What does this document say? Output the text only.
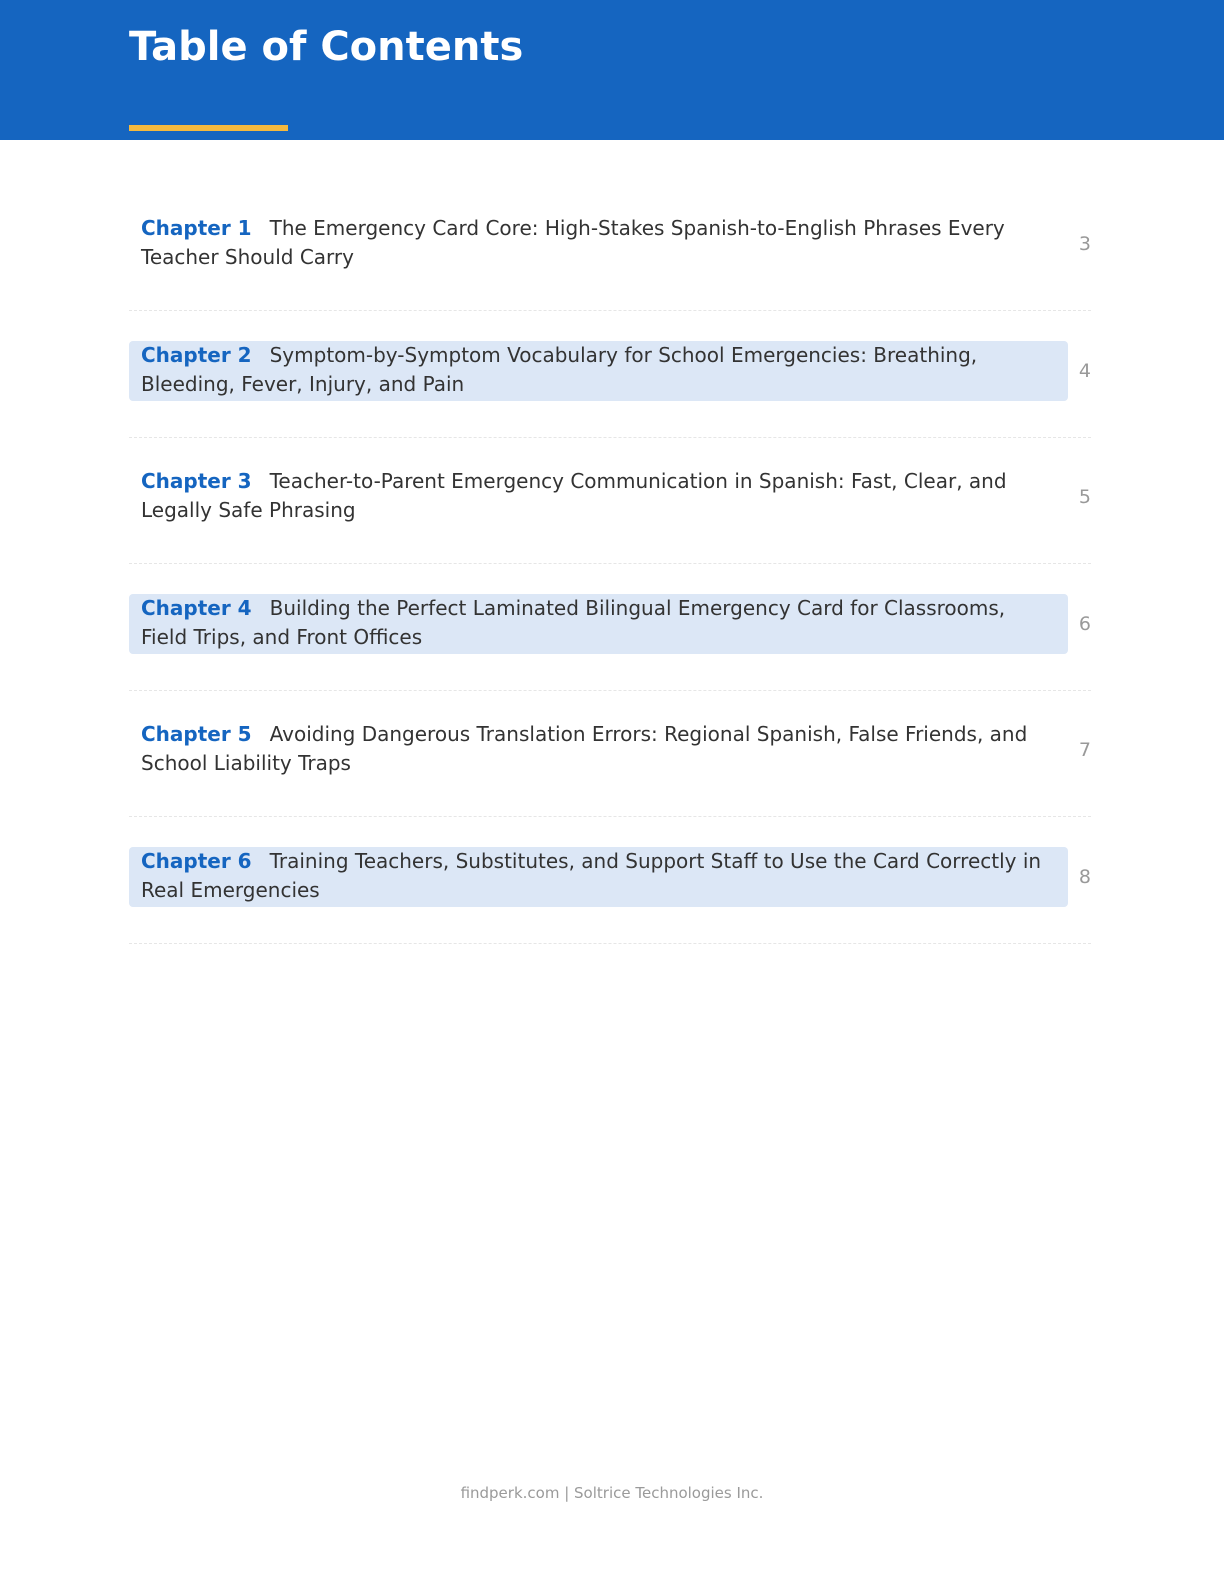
Table of Contents
Chapter 1 The Emergency Card Core: High-Stakes Spanish-to-English Phrases Every Teacher Should Carry
3
Chapter 2 Symptom-by-Symptom Vocabulary for School Emergencies: Breathing, Bleeding, Fever, Injury, and Pain
4
Chapter 3 Teacher-to-Parent Emergency Communication in Spanish: Fast, Clear, and Legally Safe Phrasing
5
Chapter 4 Building the Perfect Laminated Bilingual Emergency Card for Classrooms, Field Trips, and Front Offices
6
Chapter 5 Avoiding Dangerous Translation Errors: Regional Spanish, False Friends, and School Liability Traps
7
Chapter 6 Training Teachers, Substitutes, and Support Staff to Use the Card Correctly in Real Emergencies
8
findperk.com | Soltrice Technologies Inc.
